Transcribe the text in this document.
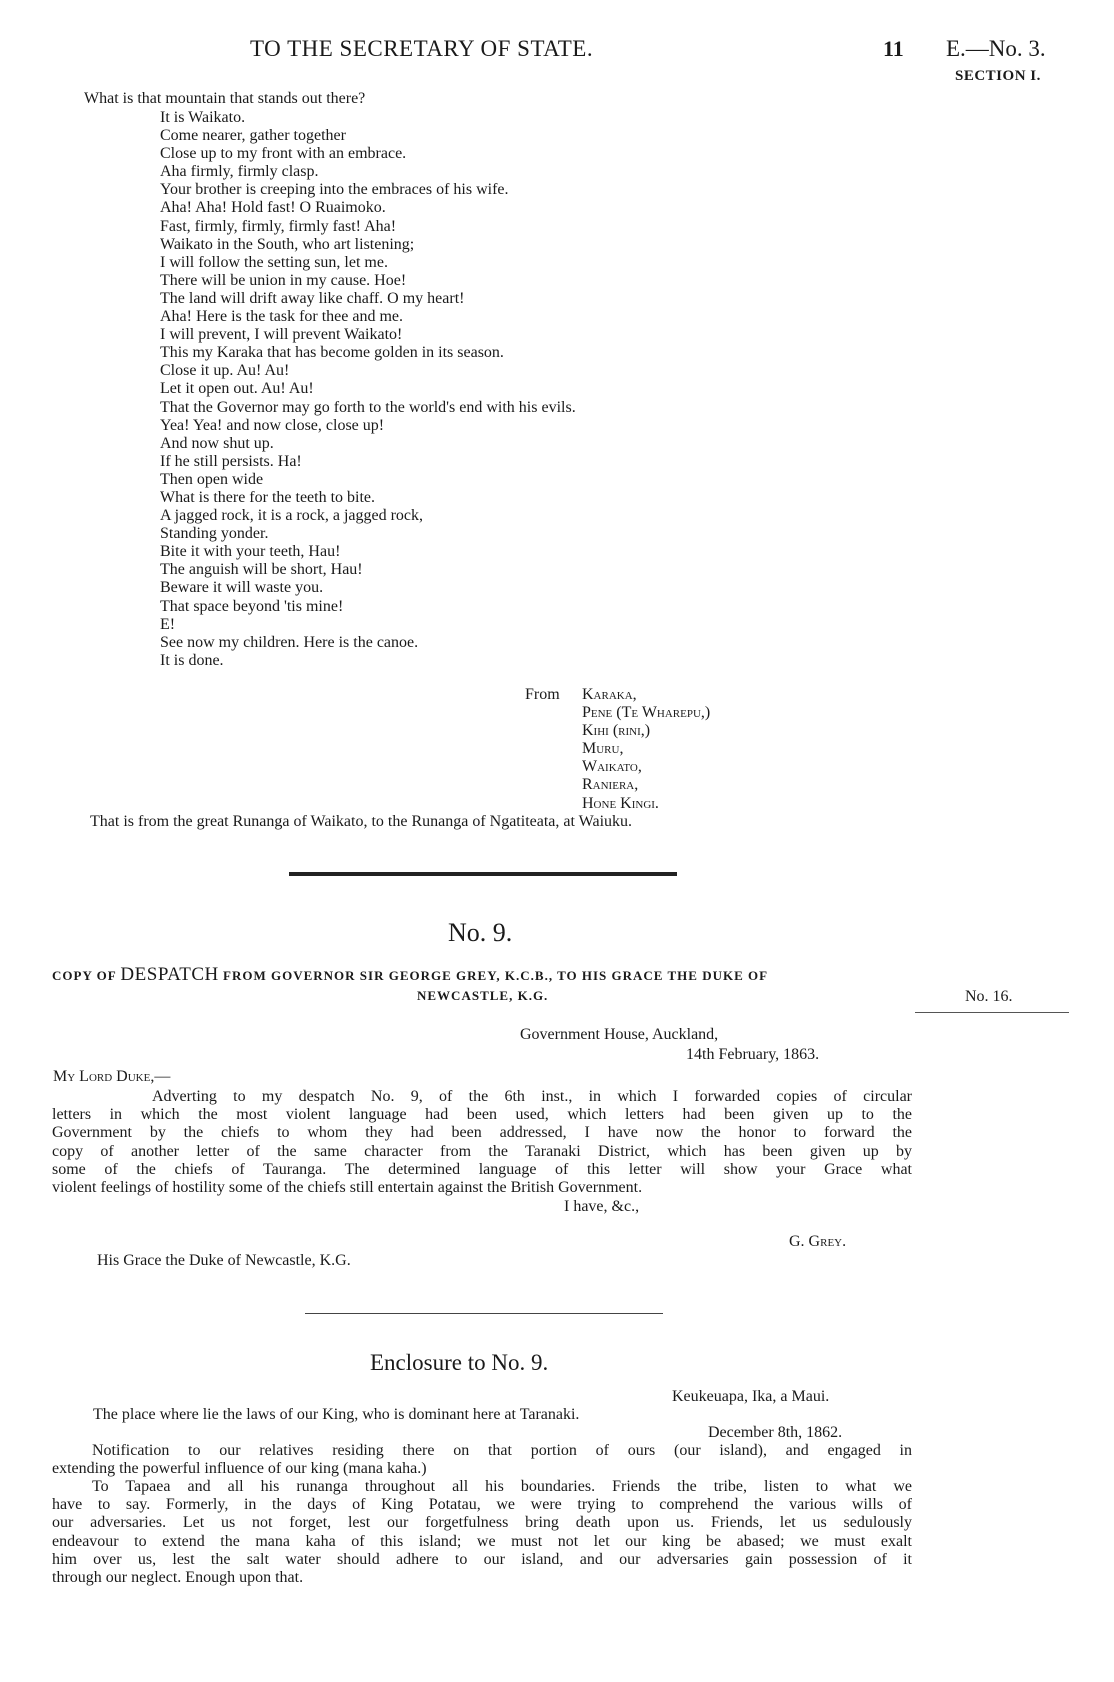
TO THE SECRETARY OF STATE.	11 E.—No. 3.
SECTION I.
What is that mountain that stands out there?
It is Waikato.
Come nearer, gather together
Close up to my front with an embrace.
Aha firmly, firmly clasp.
Your brother is creeping into the embraces of his wife.
Aha! Aha! Hold fast! O Ruaimoko.
Fast, firmly, firmly, firmly fast! Aha!
Waikato in the South, who art listening;
I will follow the setting sun, let me.
There will be union in my cause. Hoe!
The land will drift away like chaff. O my heart!
Aha! Here is the task for thee and me.
I will prevent, I will prevent Waikato!
This my Karaka that has become golden in its season.
Close it up. Au! Au!
Let it open out. Au! Au!
That the Governor may go forth to the world's end with his evils.
Yea! Yea! and now close, close up!
And now shut up.
If he still persists. Ha!
Then open wide
What is there for the teeth to bite.
A jagged rock, it is a rock, a jagged rock,
Standing yonder.
Bite it with your teeth, Hau!
The anguish will be short, Hau!
Beware it will waste you.
That space beyond 'tis mine!
E!
See now my children. Here is the canoe.
It is done.
From Karaka,
Pene (Te Wharepu,)
Kihi (rini,)
Muru,
Waikato,
Raniera,
Hone Kingi.
That is from the great Runanga of Waikato, to the Runanga of Ngatiteata, at Waiuku.
No. 9.
COPY OF DESPATCH FROM GOVERNOR SIR GEORGE GREY, K.C.B., TO HIS GRACE THE DUKE OF
NEWCASTLE, K.G.	No. 16.
Government House, Auckland,
14th February, 1863.
My Lord Duke,—
Adverting to my despatch No. 9, of the 6th inst., in which I forwarded copies of circular
letters in which the most violent language had been used, which letters had been given up to the
Government by the chiefs to whom they had been addressed, I have now the honor to forward the
copy of another letter of the same character from the Taranaki District, which has been given up by
some of the chiefs of Tauranga. The determined language of this letter will show your Grace what
violent feelings of hostility some of the chiefs still entertain against the British Government.
I have, &c.,
G. Grey.
His Grace the Duke of Newcastle, K.G.
Enclosure to No. 9.
Keukeuapa, Ika, a Maui.
The place where lie the laws of our King, who is dominant here at Taranaki.
December 8th, 1862.
Notification to our relatives residing there on that portion of ours (our island), and engaged in
extending the powerful influence of our king (mana kaha.)
To Tapaea and all his runanga throughout all his boundaries. Friends the tribe, listen to what we
have to say. Formerly, in the days of King Potatau, we were trying to comprehend the various wills of
our adversaries. Let us not forget, lest our forgetfulness bring death upon us. Friends, let us sedulously
endeavour to extend the mana kaha of this island; we must not let our king be abased; we must exalt
him over us, lest the salt water should adhere to our island, and our adversaries gain possession of it
through our neglect. Enough upon that.
